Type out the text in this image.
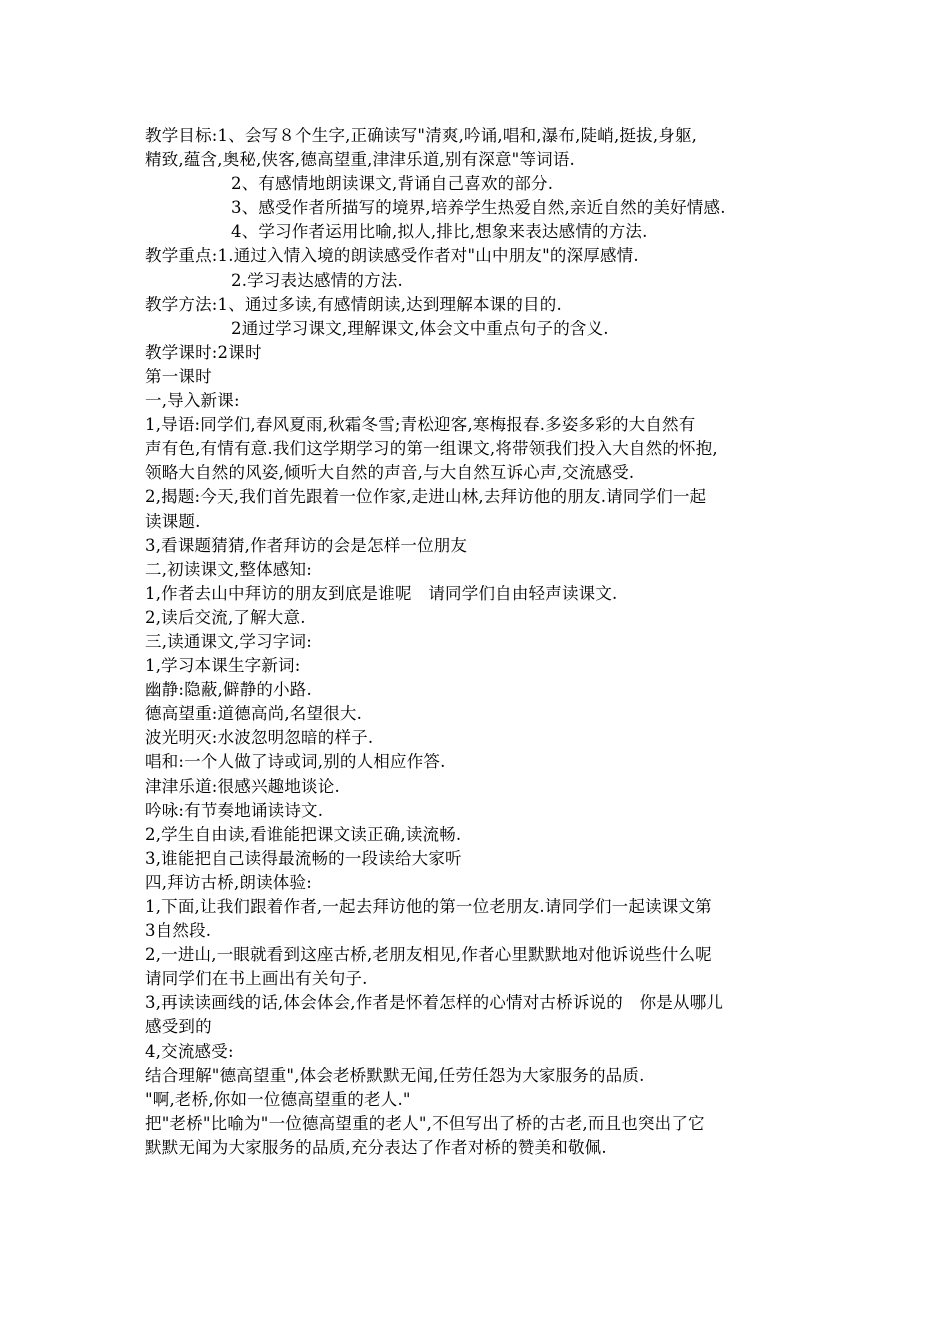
教学目标:1、会写８个生字,正确读写"清爽,吟诵,唱和,瀑布,陡峭,挺拔,身躯,
精致,蕴含,奥秘,侠客,德高望重,津津乐道,别有深意"等词语.
2、有感情地朗读课文,背诵自己喜欢的部分.
3、感受作者所描写的境界,培养学生热爱自然,亲近自然的美好情感.
4、学习作者运用比喻,拟人,排比,想象来表达感情的方法.
教学重点:1.通过入情入境的朗读感受作者对"山中朋友"的深厚感情.
2.学习表达感情的方法.
教学方法:1、通过多读,有感情朗读,达到理解本课的目的.
2通过学习课文,理解课文,体会文中重点句子的含义.
教学课时:2课时
第一课时
一,导入新课:
1,导语:同学们,春风夏雨,秋霜冬雪;青松迎客,寒梅报春.多姿多彩的大自然有
声有色,有情有意.我们这学期学习的第一组课文,将带领我们投入大自然的怀抱,
领略大自然的风姿,倾听大自然的声音,与大自然互诉心声,交流感受.
2,揭题:今天,我们首先跟着一位作家,走进山林,去拜访他的朋友.请同学们一起
读课题.
3,看课题猜猜,作者拜访的会是怎样一位朋友
二,初读课文,整体感知:
1,作者去山中拜访的朋友到底是谁呢　请同学们自由轻声读课文.
2,读后交流,了解大意.
三,读通课文,学习字词:
1,学习本课生字新词:
幽静:隐蔽,僻静的小路.
德高望重:道德高尚,名望很大.
波光明灭:水波忽明忽暗的样子.
唱和:一个人做了诗或词,别的人相应作答.
津津乐道:很感兴趣地谈论.
吟咏:有节奏地诵读诗文.
2,学生自由读,看谁能把课文读正确,读流畅.
3,谁能把自己读得最流畅的一段读给大家听
四,拜访古桥,朗读体验:
1,下面,让我们跟着作者,一起去拜访他的第一位老朋友.请同学们一起读课文第
3自然段.
2,一进山,一眼就看到这座古桥,老朋友相见,作者心里默默地对他诉说些什么呢
请同学们在书上画出有关句子.
3,再读读画线的话,体会体会,作者是怀着怎样的心情对古桥诉说的　你是从哪儿
感受到的
4,交流感受:
结合理解"德高望重",体会老桥默默无闻,任劳任怨为大家服务的品质.
"啊,老桥,你如一位德高望重的老人."
把"老桥"比喻为"一位德高望重的老人",不但写出了桥的古老,而且也突出了它
默默无闻为大家服务的品质,充分表达了作者对桥的赞美和敬佩.
